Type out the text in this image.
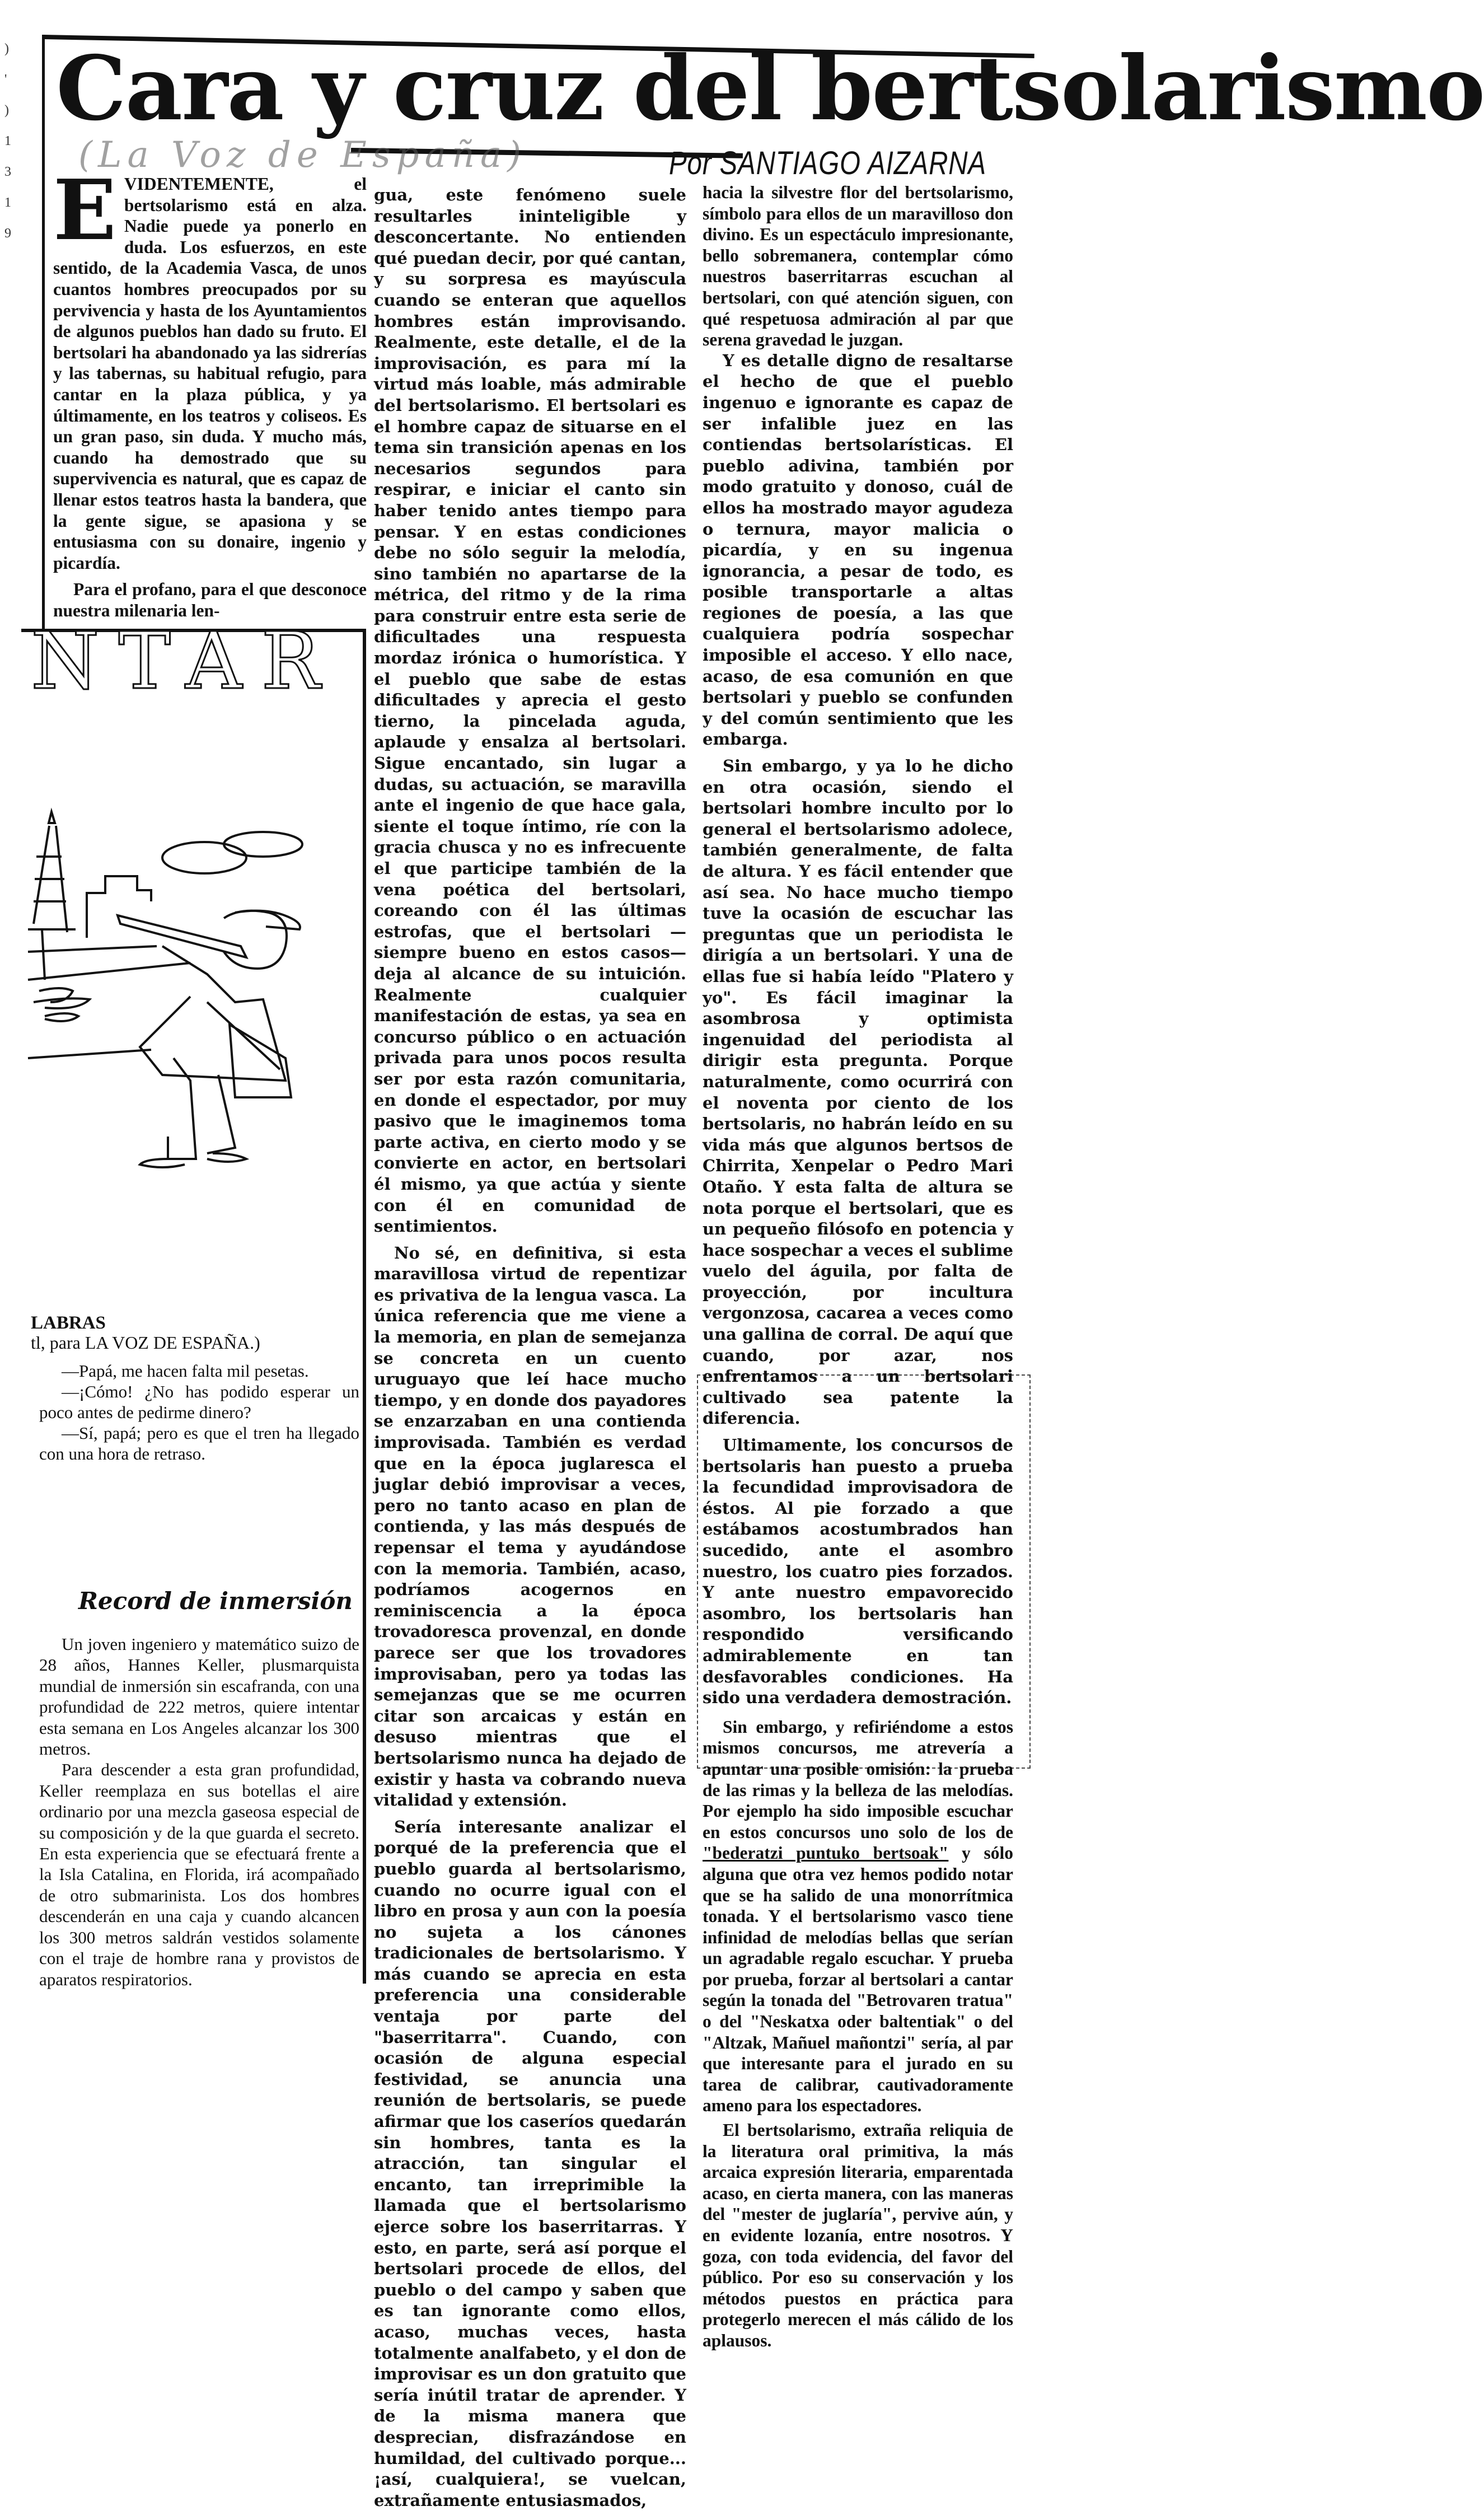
)
'
)
1
3
1
9
Cara y cruz del bertsolarismo
(La Voz de España)	Por SANTIAGO AIZARNA

EVIDENTEMENTE, el bertsolarismo está en alza. Nadie puede ya ponerlo en duda. Los esfuerzos, en este sentido, de la Academia Vasca, de unos cuantos hombres preocupados por su pervivencia y hasta de los Ayuntamientos de algunos pueblos han dado su fruto. El bertsolari ha abandonado ya las sidrerías y las tabernas, su habitual refugio, para cantar en la plaza pública, y ya últimamente, en los teatros y coliseos. Es un gran paso, sin duda. Y mucho más, cuando ha demostrado que su supervivencia es natural, que es capaz de llenar estos teatros hasta la bandera, que la gente sigue, se apasiona y se entusiasma con su donaire, ingenio y picardía.

Para el profano, para el que desconoce nuestra milenaria len-

NTAR
LABRAS
tl, para LA VOZ DE ESPAÑA.)

—Papá, me hacen falta mil pesetas.

—¡Cómo! ¿No has podido esperar un poco antes de pedirme dinero?

—Sí, papá; pero es que el tren ha llegado con una hora de retraso.

Record de inmersión

Un joven ingeniero y matemático suizo de 28 años, Hannes Keller, plusmarquista mundial de inmersión sin escafranda, con una profundidad de 222 metros, quiere intentar esta semana en Los Angeles alcanzar los 300 metros.

Para descender a esta gran profundidad, Keller reemplaza en sus botellas el aire ordinario por una mezcla gaseosa especial de su composición y de la que guarda el secreto. En esta experiencia que se efectuará frente a la Isla Catalina, en Florida, irá acompañado de otro submarinista. Los dos hombres descenderán en una caja y cuando alcancen los 300 metros saldrán vestidos solamente con el traje de hombre rana y provistos de aparatos respiratorios.

gua, este fenómeno suele resultarles ininteligible y desconcertante. No entienden qué puedan decir, por qué cantan, y su sorpresa es mayúscula cuando se enteran que aquellos hombres están improvisando. Realmente, este detalle, el de la improvisación, es para mí la virtud más loable, más admirable del bertsolarismo. El bertsolari es el hombre capaz de situarse en el tema sin transición apenas en los necesarios segundos para respirar, e iniciar el canto sin haber tenido antes tiempo para pensar. Y en estas condiciones debe no sólo seguir la melodía, sino también no apartarse de la métrica, del ritmo y de la rima para construir entre esta serie de dificultades una respuesta mordaz irónica o humorística. Y el pueblo que sabe de estas dificultades y aprecia el gesto tierno, la pincelada aguda, aplaude y ensalza al bertsolari. Sigue encantado, sin lugar a dudas, su actuación, se maravilla ante el ingenio de que hace gala, siente el toque íntimo, ríe con la gracia chusca y no es infrecuente el que participe también de la vena poética del bertsolari, coreando con él las últimas estrofas, que el bertsolari —siempre bueno en estos casos— deja al alcance de su intuición. Realmente cualquier manifestación de estas, ya sea en concurso público o en actuación privada para unos pocos resulta ser por esta razón comunitaria, en donde el espectador, por muy pasivo que le imaginemos toma parte activa, en cierto modo y se convierte en actor, en bertsolari él mismo, ya que actúa y siente con él en comunidad de sentimientos.

No sé, en definitiva, si esta maravillosa virtud de repentizar es privativa de la lengua vasca. La única referencia que me viene a la memoria, en plan de semejanza se concreta en un cuento uruguayo que leí hace mucho tiempo, y en donde dos payadores se enzarzaban en una contienda improvisada. También es verdad que en la época juglaresca el juglar debió improvisar a veces, pero no tanto acaso en plan de contienda, y las más después de repensar el tema y ayudándose con la memoria. También, acaso, podríamos acogernos en reminiscencia a la época trovadoresca provenzal, en donde parece ser que los trovadores improvisaban, pero ya todas las semejanzas que se me ocurren citar son arcaicas y están en desuso mientras que el bertsolarismo nunca ha dejado de existir y hasta va cobrando nueva vitalidad y extensión.

Sería interesante analizar el porqué de la preferencia que el pueblo guarda al bertsolarismo, cuando no ocurre igual con el libro en prosa y aun con la poesía no sujeta a los cánones tradicionales de bertsolarismo. Y más cuando se aprecia en esta preferencia una considerable ventaja por parte del "baserritarra". Cuando, con ocasión de alguna especial festividad, se anuncia una reunión de bertsolaris, se puede afirmar que los caseríos quedarán sin hombres, tanta es la atracción, tan singular el encanto, tan irreprimible la llamada que el bertsolarismo ejerce sobre los baserritarras. Y esto, en parte, será así porque el bertsolari procede de ellos, del pueblo o del campo y saben que es tan ignorante como ellos, acaso, muchas veces, hasta totalmente analfabeto, y el don de improvisar es un don gratuito que sería inútil tratar de aprender. Y de la misma manera que desprecian, disfrazándose en humildad, del cultivado porque... ¡así, cualquiera!, se vuelcan, extrañamente entusiasmados,

hacia la silvestre flor del bertsolarismo, símbolo para ellos de un maravilloso don divino. Es un espectáculo impresionante, bello sobremanera, contemplar cómo nuestros baserritarras escuchan al bertsolari, con qué atención siguen, con qué respetuosa admiración al par que serena gravedad le juzgan.

Y es detalle digno de resaltarse el hecho de que el pueblo ingenuo e ignorante es capaz de ser infalible juez en las contiendas bertsolarísticas. El pueblo adivina, también por modo gratuito y donoso, cuál de ellos ha mostrado mayor agudeza o ternura, mayor malicia o picardía, y en su ingenua ignorancia, a pesar de todo, es posible transportarle a altas regiones de poesía, a las que cualquiera podría sospechar imposible el acceso. Y ello nace, acaso, de esa comunión en que bertsolari y pueblo se confunden y del común sentimiento que les embarga.

Sin embargo, y ya lo he dicho en otra ocasión, siendo el bertsolari hombre inculto por lo general el bertsolarismo adolece, también generalmente, de falta de altura. Y es fácil entender que así sea. No hace mucho tiempo tuve la ocasión de escuchar las preguntas que un periodista le dirigía a un bertsolari. Y una de ellas fue si había leído "Platero y yo". Es fácil imaginar la asombrosa y optimista ingenuidad del periodista al dirigir esta pregunta. Porque naturalmente, como ocurrirá con el noventa por ciento de los bertsolaris, no habrán leído en su vida más que algunos bertsos de Chirrita, Xenpelar o Pedro Mari Otaño. Y esta falta de altura se nota porque el bertsolari, que es un pequeño filósofo en potencia y hace sospechar a veces el sublime vuelo del águila, por falta de proyección, por incultura vergonzosa, cacarea a veces como una gallina de corral. De aquí que cuando, por azar, nos enfrentamos a un bertsolari cultivado sea patente la diferencia.

Ultimamente, los concursos de bertsolaris han puesto a prueba la fecundidad improvisadora de éstos. Al pie forzado a que estábamos acostumbrados han sucedido, ante el asombro nuestro, los cuatro pies forzados. Y ante nuestro empavorecido asombro, los bertsolaris han respondido versificando admirablemente en tan desfavorables condiciones. Ha sido una verdadera demostración.

Sin embargo, y refiriéndome a estos mismos concursos, me atrevería a apuntar una posible omisión: la prueba de las rimas y la belleza de las melodías. Por ejemplo ha sido imposible escuchar en estos concursos uno solo de los de "bederatzi puntuko bertsoak" y sólo alguna que otra vez hemos podido notar que se ha salido de una monorrítmica tonada. Y el bertsolarismo vasco tiene infinidad de melodías bellas que serían un agradable regalo escuchar. Y prueba por prueba, forzar al bertsolari a cantar según la tonada del "Betrovaren tratua" o del "Neskatxa oder baltentiak" o del "Altzak, Mañuel mañontzi" sería, al par que interesante para el jurado en su tarea de calibrar, cautivadoramente ameno para los espectadores.

El bertsolarismo, extraña reliquia de la literatura oral primitiva, la más arcaica expresión literaria, emparentada acaso, en cierta manera, con las maneras del "mester de juglaría", pervive aún, y en evidente lozanía, entre nosotros. Y goza, con toda evidencia, del favor del público. Por eso su conservación y los métodos puestos en práctica para protegerlo merecen el más cálido de los aplausos.
